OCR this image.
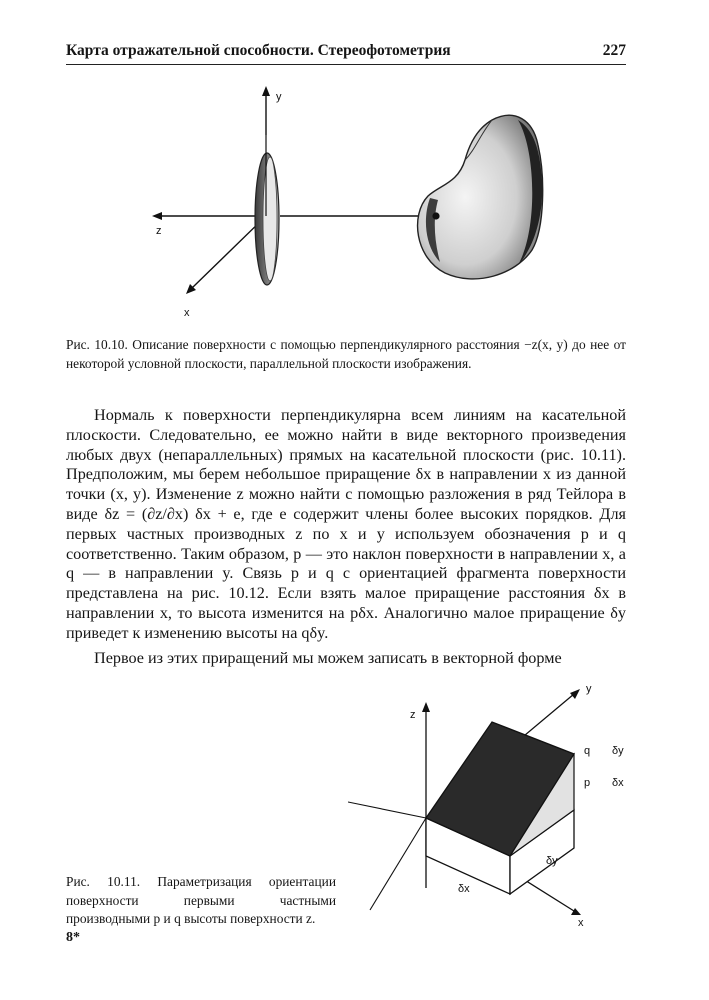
Карта отражательной способности. Стереофотометрия	227
y
z
x
Рис. 10.10. Описание поверхности с помощью перпендикулярного расстояния −z(x, y) до нее от некоторой условной плоскости, параллельной плоскости изображения.

Нормаль к поверхности перпендикулярна всем линиям на касательной плоскости. Следовательно, ее можно найти в виде векторного произведения любых двух (непараллельных) прямых на касательной плоскости (рис. 10.11). Предположим, мы берем небольшое приращение δx в направлении x из данной точки (x, y). Изменение z можно найти с помощью разложения в ряд Тейлора в виде δz = (∂z/∂x) δx + e, где e содержит члены более высоких порядков. Для первых частных производных z по x и y используем обозначения p и q соответственно. Таким образом, p — это наклон поверхности в направлении x, а q — в направлении y. Связь p и q с ориентацией фрагмента поверхности представлена на рис. 10.12. Если взять малое приращение расстояния δx в направлении x, то высота изменится на pδx. Аналогично малое приращение δy приведет к изменению высоты на qδy.

Первое из этих приращений мы можем записать в векторной форме

z
y
x
q δy
p δx
δy
δx
Рис. 10.11. Параметризация ориентации поверхности первыми частными производными p и q высоты поверхности z.
8*
